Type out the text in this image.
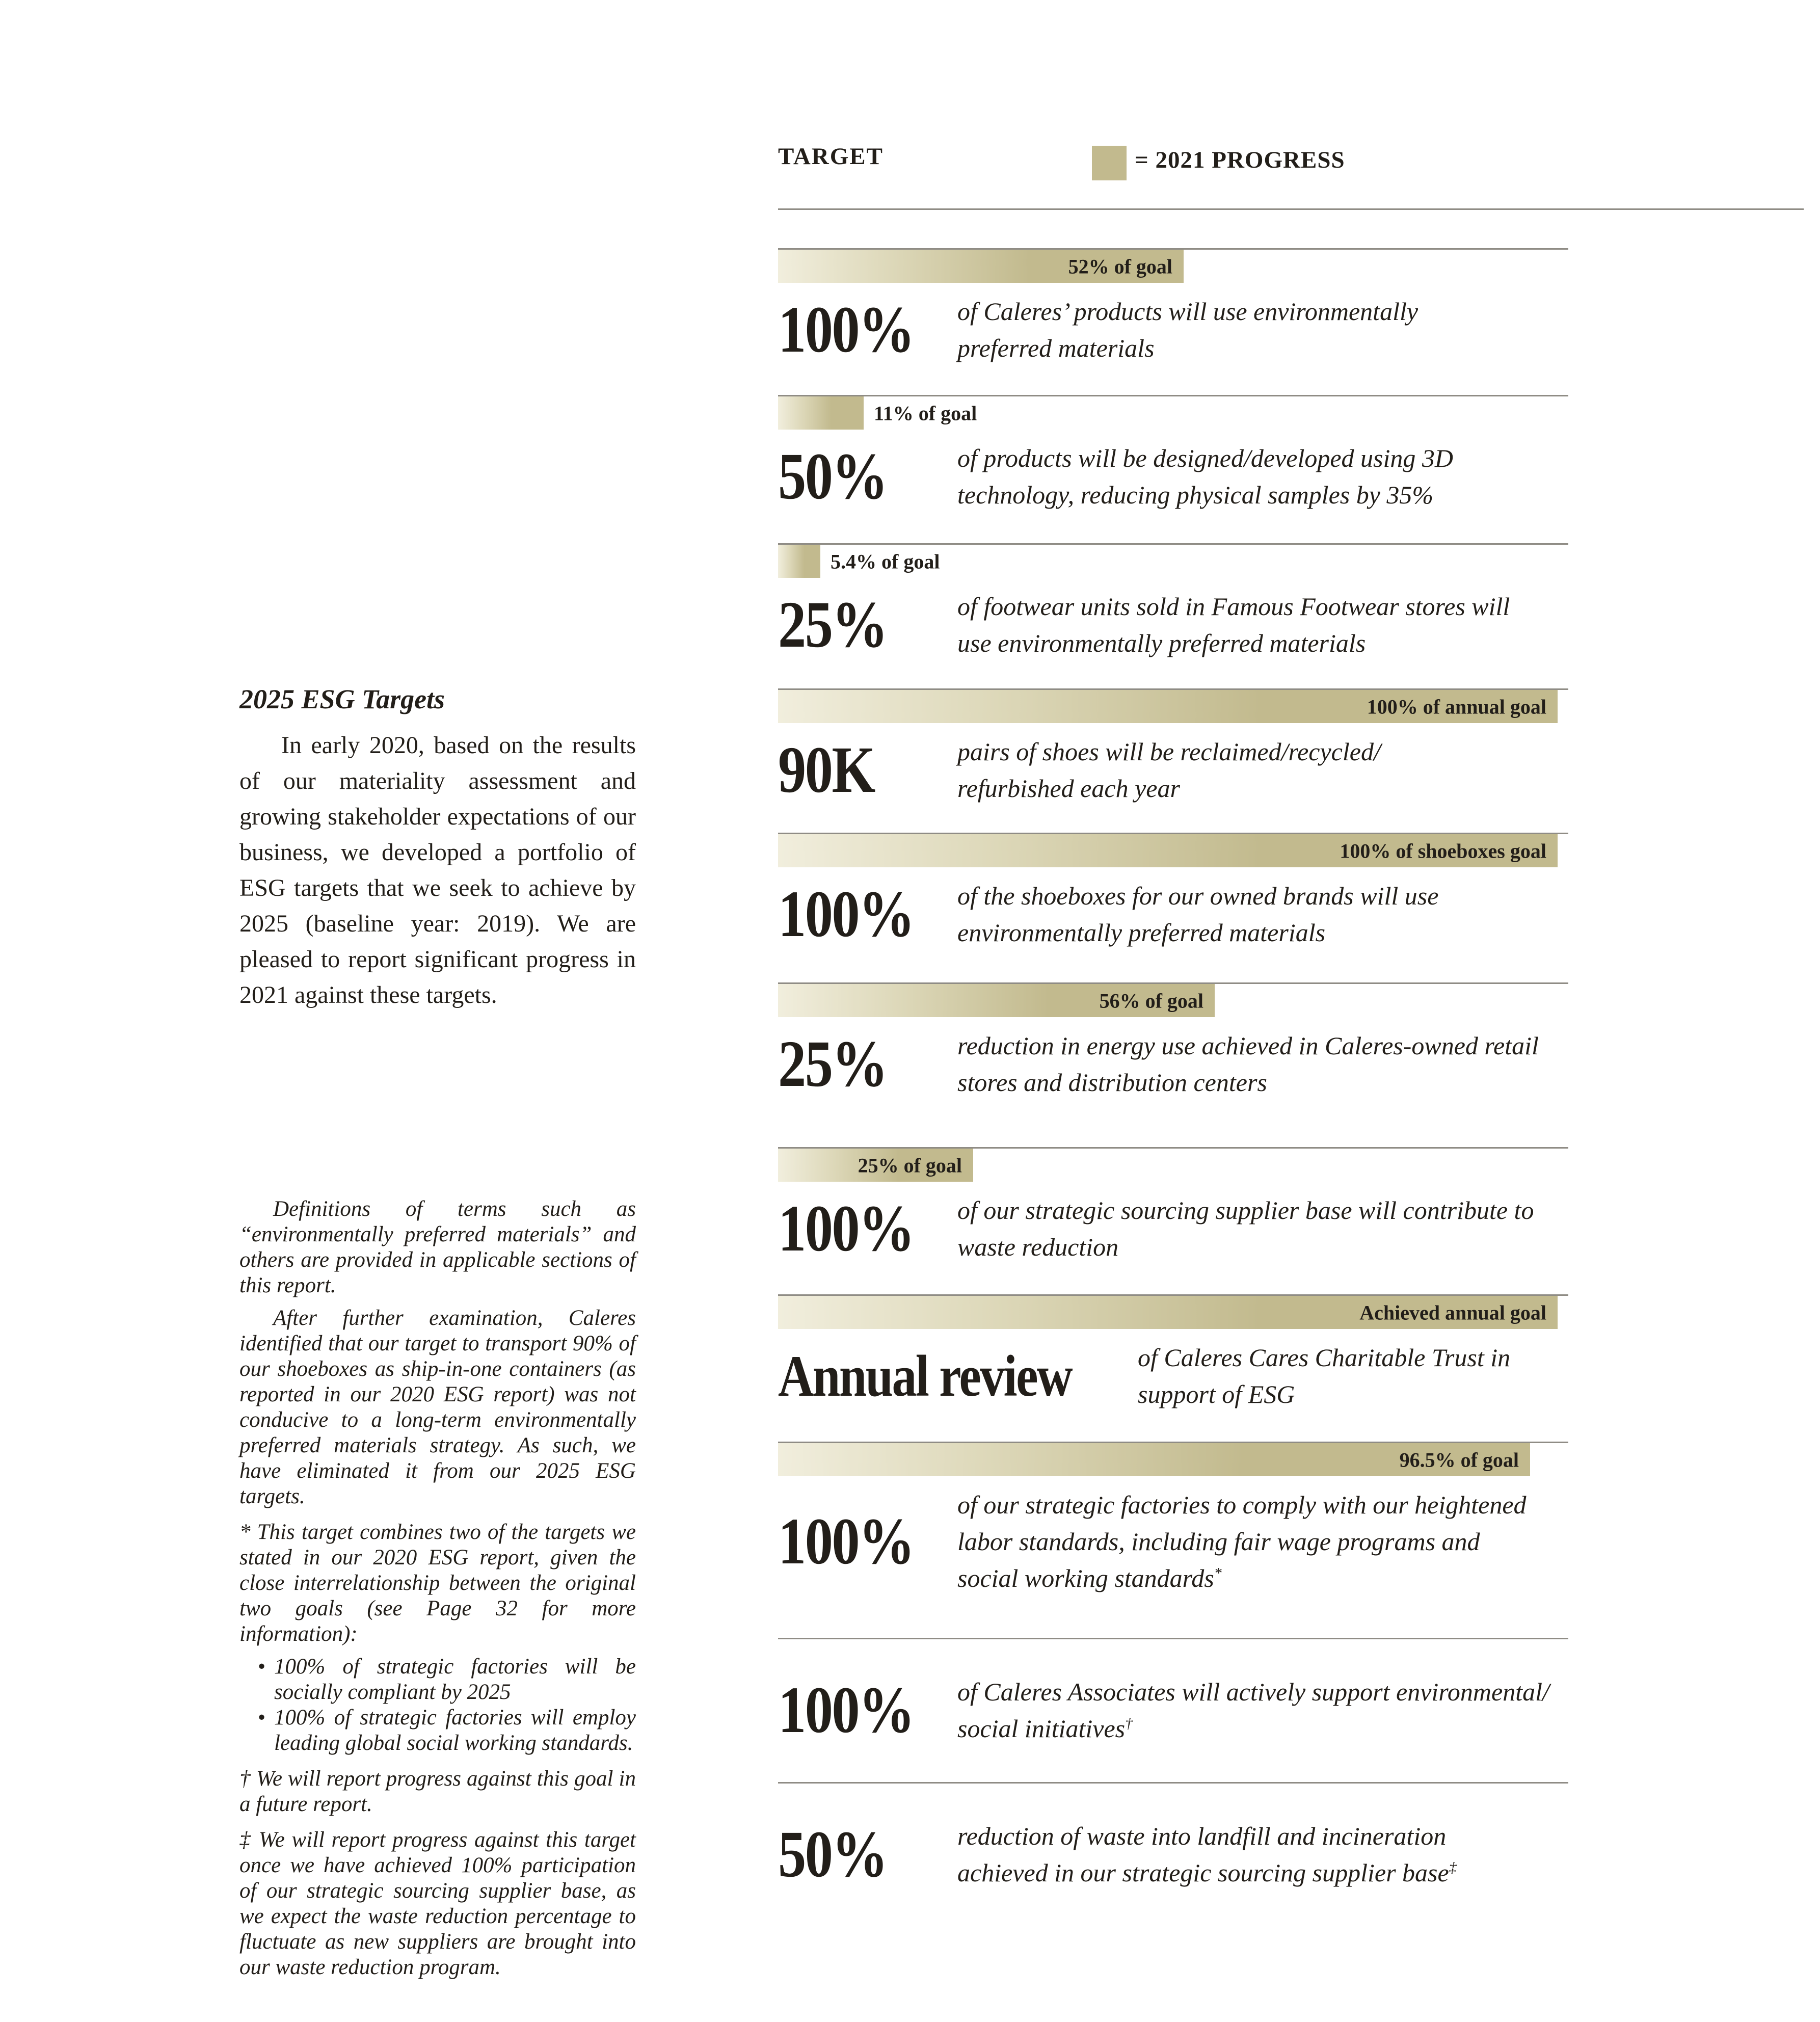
2025 ESG Targets
In early 2020, based on the results of our materiality assessment and growing stakeholder expectations of our business, we developed a portfolio of ESG targets that we seek to achieve by 2025 (baseline year: 2019). We are pleased to report significant progress in 2021 against these targets.
Definitions of terms such as “environmentally preferred materials” and others are provided in applicable sections of this report.
After further examination, Caleres identified that our target to transport 90% of our shoeboxes as ship-in-one containers (as reported in our 2020 ESG report) was not conducive to a long-term environmentally preferred materials strategy. As such, we have eliminated it from our 2025 ESG targets.
* This target combines two of the targets we stated in our 2020 ESG report, given the close interrelationship between the original two goals (see Page 32 for more information):
• 100% of strategic factories will be socially compliant by 2025
• 100% of strategic factories will employ leading global social working standards.
† We will report progress against this goal in a future report.
‡ We will report progress against this target once we have achieved 100% participation of our strategic sourcing supplier base, as we expect the waste reduction percentage to fluctuate as new suppliers are brought into our waste reduction program.
TARGET	= 2021 PROGRESS
52% of goal
100%	of Caleres’ products will use environmentally
preferred materials
11% of goal
50%	of products will be designed/developed using 3D
technology, reducing physical samples by 35%
5.4% of goal
25%	of footwear units sold in Famous Footwear stores will
use environmentally preferred materials
100% of annual goal
90K	pairs of shoes will be reclaimed/recycled/
refurbished each year
100% of shoeboxes goal
100%	of the shoeboxes for our owned brands will use
environmentally preferred materials
56% of goal
25%	reduction in energy use achieved in Caleres-owned retail
stores and distribution centers
25% of goal
100%	of our strategic sourcing supplier base will contribute to
waste reduction
Achieved annual goal
Annual review	of Caleres Cares Charitable Trust in
support of ESG
96.5% of goal
100%	of our strategic factories to comply with our heightened
labor standards, including fair wage programs and
social working standards*
100%	of Caleres Associates will actively support environmental/
social initiatives†
50%	reduction of waste into landfill and incineration
achieved in our strategic sourcing supplier base‡
